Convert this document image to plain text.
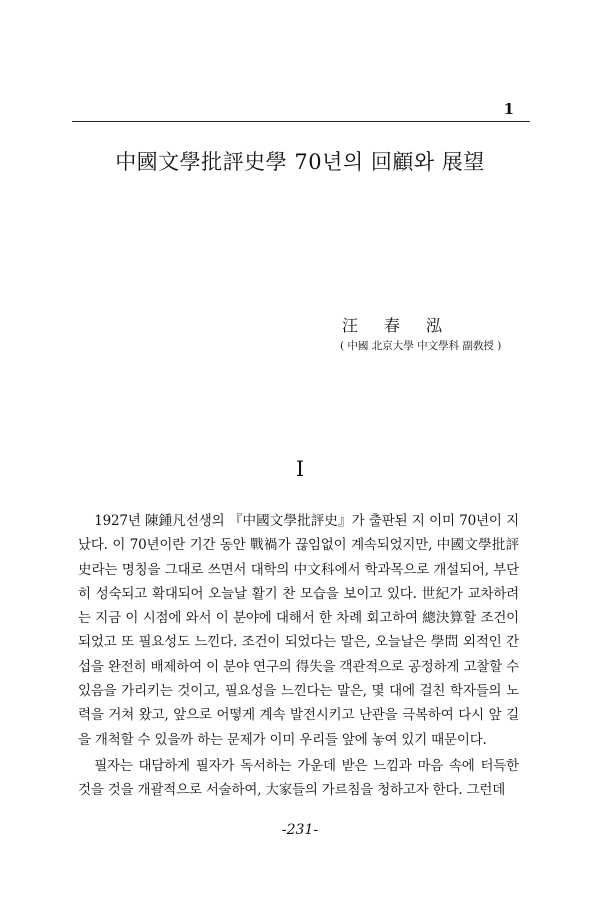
1
中國文學批評史學 70년의 回顧와 展望
汪春泓
( 中國 北京大學 中文學科 副敎授 )
I

1927년 陳鍾凡선생의 『中國文學批評史』가 출판된 지 이미 70년이 지났다. 이 70년이란 기간 동안 戰禍가 끊임없이 계속되었지만, 中國文學批評史라는 명칭을 그대로 쓰면서 대학의 中文科에서 학과목으로 개설되어, 부단히 성숙되고 확대되어 오늘날 활기 찬 모습을 보이고 있다. 世紀가 교차하려는 지금 이 시점에 와서 이 분야에 대해서 한 차례 회고하여 總決算할 조건이 되었고 또 필요성도 느낀다. 조건이 되었다는 말은, 오늘날은 學問 외적인 간섭을 완전히 배제하여 이 분야 연구의 得失을 객관적으로 공정하게 고찰할 수 있음을 가리키는 것이고, 필요성을 느낀다는 말은, 몇 대에 걸친 학자들의 노력을 거쳐 왔고, 앞으로 어떻게 계속 발전시키고 난관을 극복하여 다시 앞 길을 개척할 수 있을까 하는 문제가 이미 우리들 앞에 놓여 있기 때문이다.

필자는 대담하게 필자가 독서하는 가운데 받은 느낌과 마음 속에 터득한 것을 것을 개괄적으로 서술하여, 大家들의 가르침을 청하고자 한다. 그런데

-231-
